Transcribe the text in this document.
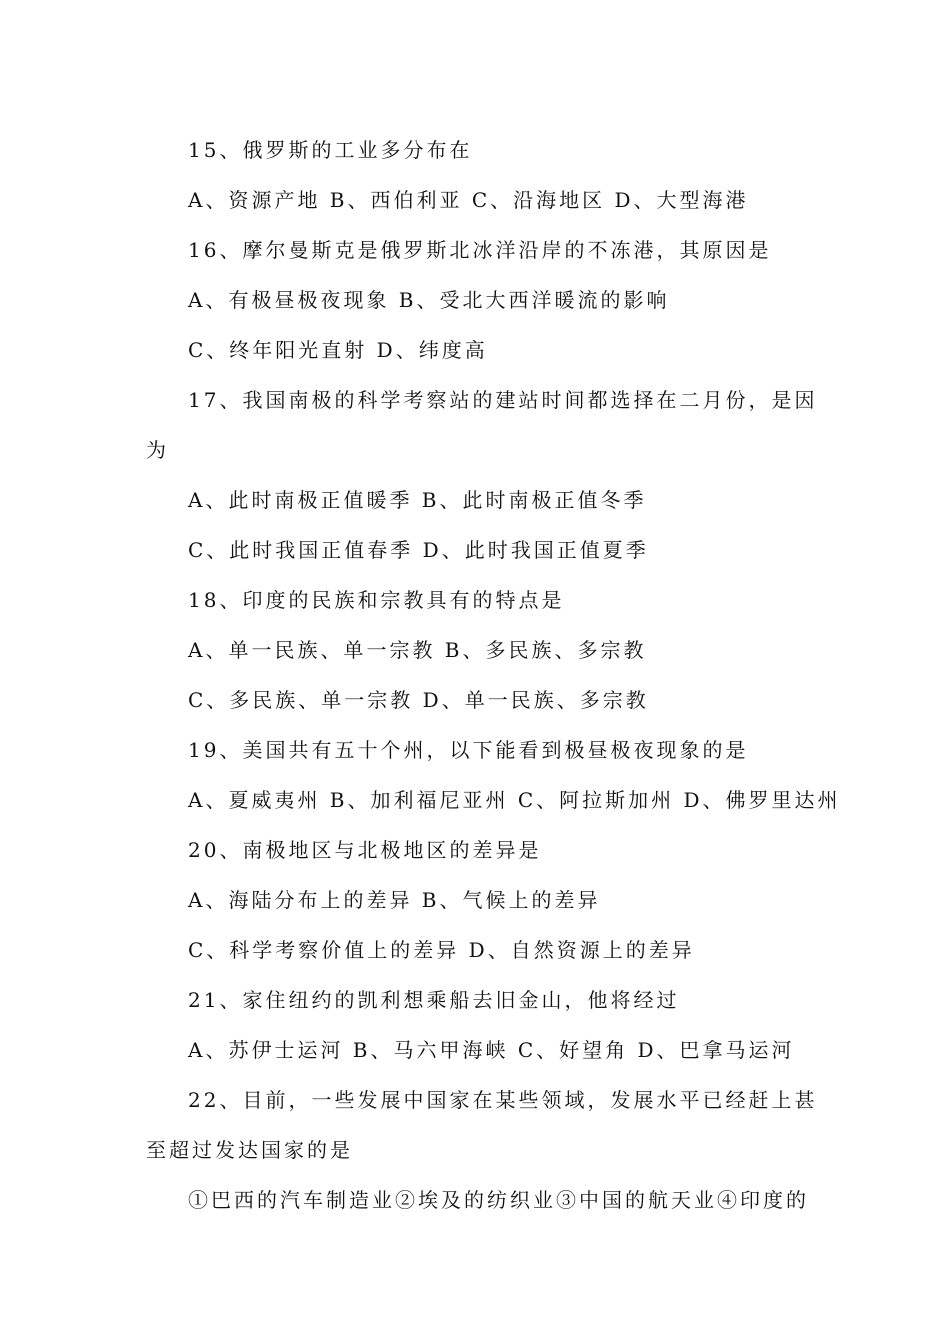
15、俄罗斯的工业多分布在
A、资源产地 B、西伯利亚 C、沿海地区 D、大型海港
16、摩尔曼斯克是俄罗斯北冰洋沿岸的不冻港，其原因是
A、有极昼极夜现象 B、受北大西洋暖流的影响
C、终年阳光直射 D、纬度高
17、我国南极的科学考察站的建站时间都选择在二月份，是因
为
A、此时南极正值暖季 B、此时南极正值冬季
C、此时我国正值春季 D、此时我国正值夏季
18、印度的民族和宗教具有的特点是
A、单一民族、单一宗教 B、多民族、多宗教
C、多民族、单一宗教 D、单一民族、多宗教
19、美国共有五十个州，以下能看到极昼极夜现象的是
A、夏威夷州 B、加利福尼亚州 C、阿拉斯加州 D、佛罗里达州
20、南极地区与北极地区的差异是
A、海陆分布上的差异 B、气候上的差异
C、科学考察价值上的差异 D、自然资源上的差异
21、家住纽约的凯利想乘船去旧金山，他将经过
A、苏伊士运河 B、马六甲海峡 C、好望角 D、巴拿马运河
22、目前，一些发展中国家在某些领域，发展水平已经赶上甚
至超过发达国家的是
①巴西的汽车制造业②埃及的纺织业③中国的航天业④印度的
